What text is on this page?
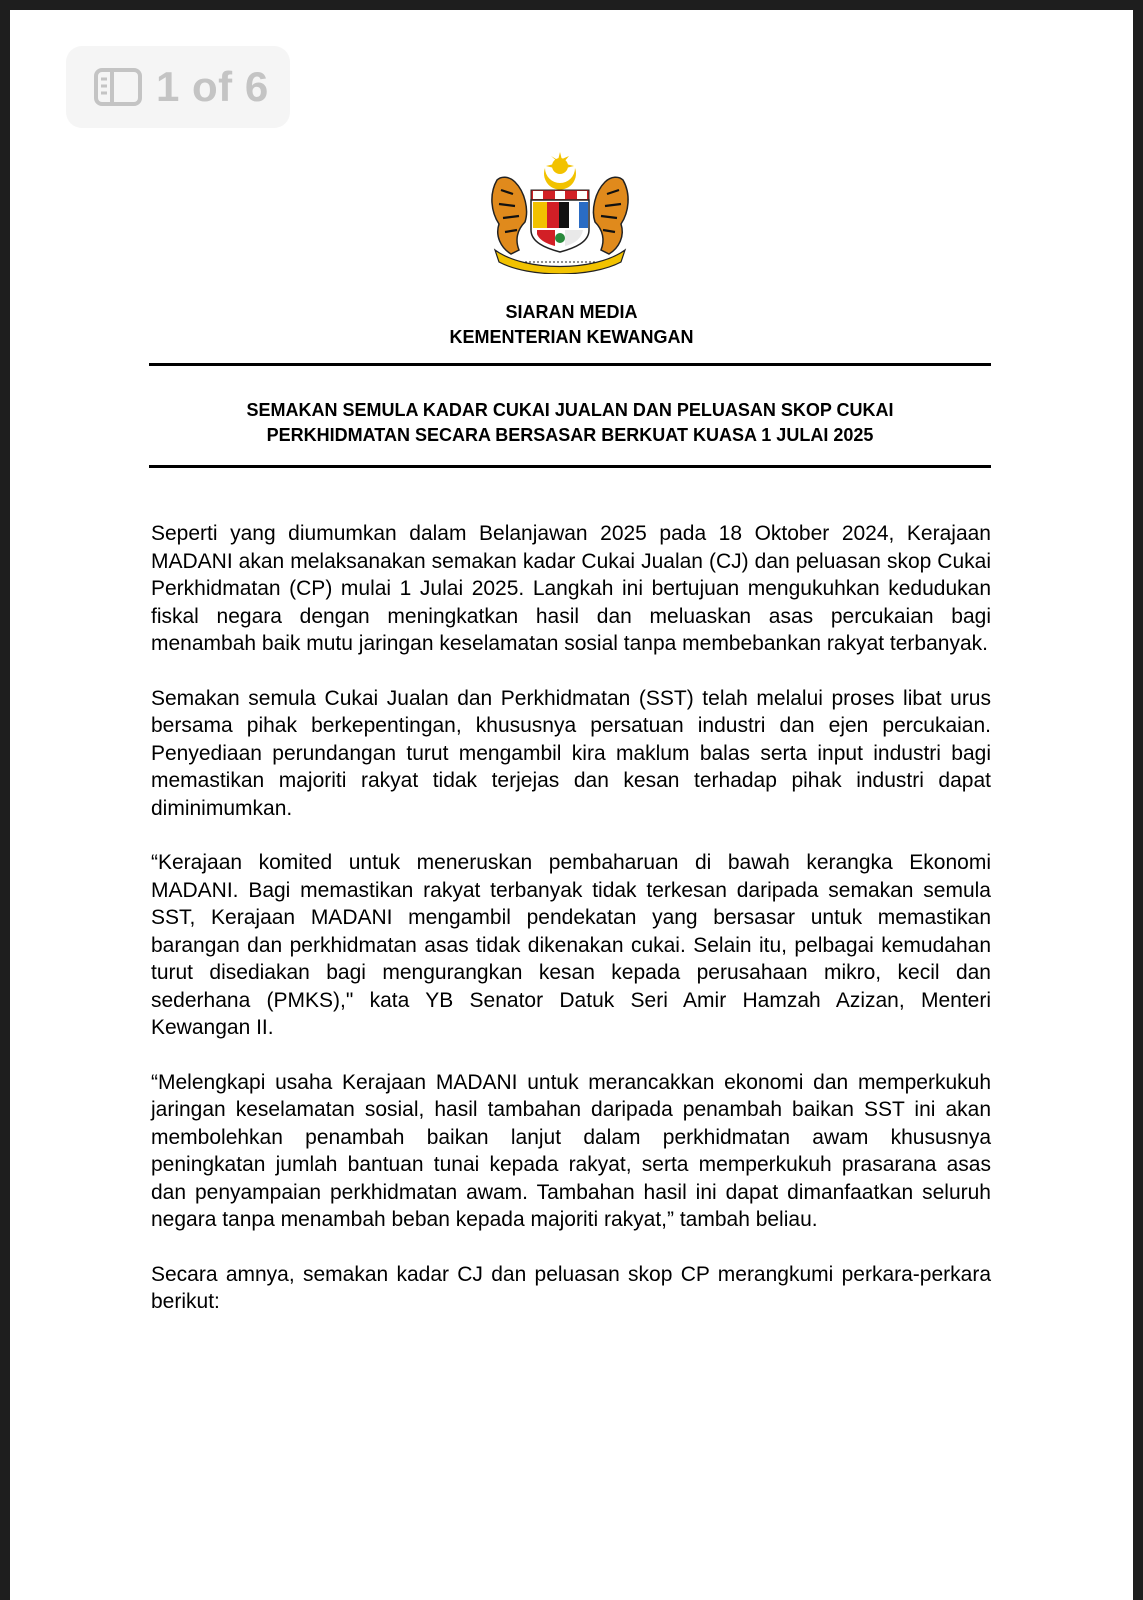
1 of 6
SIARAN MEDIA
KEMENTERIAN KEWANGAN
SEMAKAN SEMULA KADAR CUKAI JUALAN DAN PELUASAN SKOP CUKAI
PERKHIDMATAN SECARA BERSASAR BERKUAT KUASA 1 JULAI 2025

Seperti yang diumumkan dalam Belanjawan 2025 pada 18 Oktober 2024, Kerajaan MADANI akan melaksanakan semakan kadar Cukai Jualan (CJ) dan peluasan skop Cukai Perkhidmatan (CP) mulai 1 Julai 2025. Langkah ini bertujuan mengukuhkan kedudukan fiskal negara dengan meningkatkan hasil dan meluaskan asas percukaian bagi menambah baik mutu jaringan keselamatan sosial tanpa membebankan rakyat terbanyak.

Semakan semula Cukai Jualan dan Perkhidmatan (SST) telah melalui proses libat urus bersama pihak berkepentingan, khususnya persatuan industri dan ejen percukaian. Penyediaan perundangan turut mengambil kira maklum balas serta input industri bagi memastikan majoriti rakyat tidak terjejas dan kesan terhadap pihak industri dapat diminimumkan.

“Kerajaan komited untuk meneruskan pembaharuan di bawah kerangka Ekonomi MADANI. Bagi memastikan rakyat terbanyak tidak terkesan daripada semakan semula SST, Kerajaan MADANI mengambil pendekatan yang bersasar untuk memastikan barangan dan perkhidmatan asas tidak dikenakan cukai. Selain itu, pelbagai kemudahan turut disediakan bagi mengurangkan kesan kepada perusahaan mikro, kecil dan sederhana (PMKS)," kata YB Senator Datuk Seri Amir Hamzah Azizan, Menteri Kewangan II.

“Melengkapi usaha Kerajaan MADANI untuk merancakkan ekonomi dan memperkukuh jaringan keselamatan sosial, hasil tambahan daripada penambah baikan SST ini akan membolehkan penambah baikan lanjut dalam perkhidmatan awam khususnya peningkatan jumlah bantuan tunai kepada rakyat, serta memperkukuh prasarana asas dan penyampaian perkhidmatan awam. Tambahan hasil ini dapat dimanfaatkan seluruh negara tanpa menambah beban kepada majoriti rakyat,” tambah beliau.

Secara amnya, semakan kadar CJ dan peluasan skop CP merangkumi perkara-perkara berikut:
